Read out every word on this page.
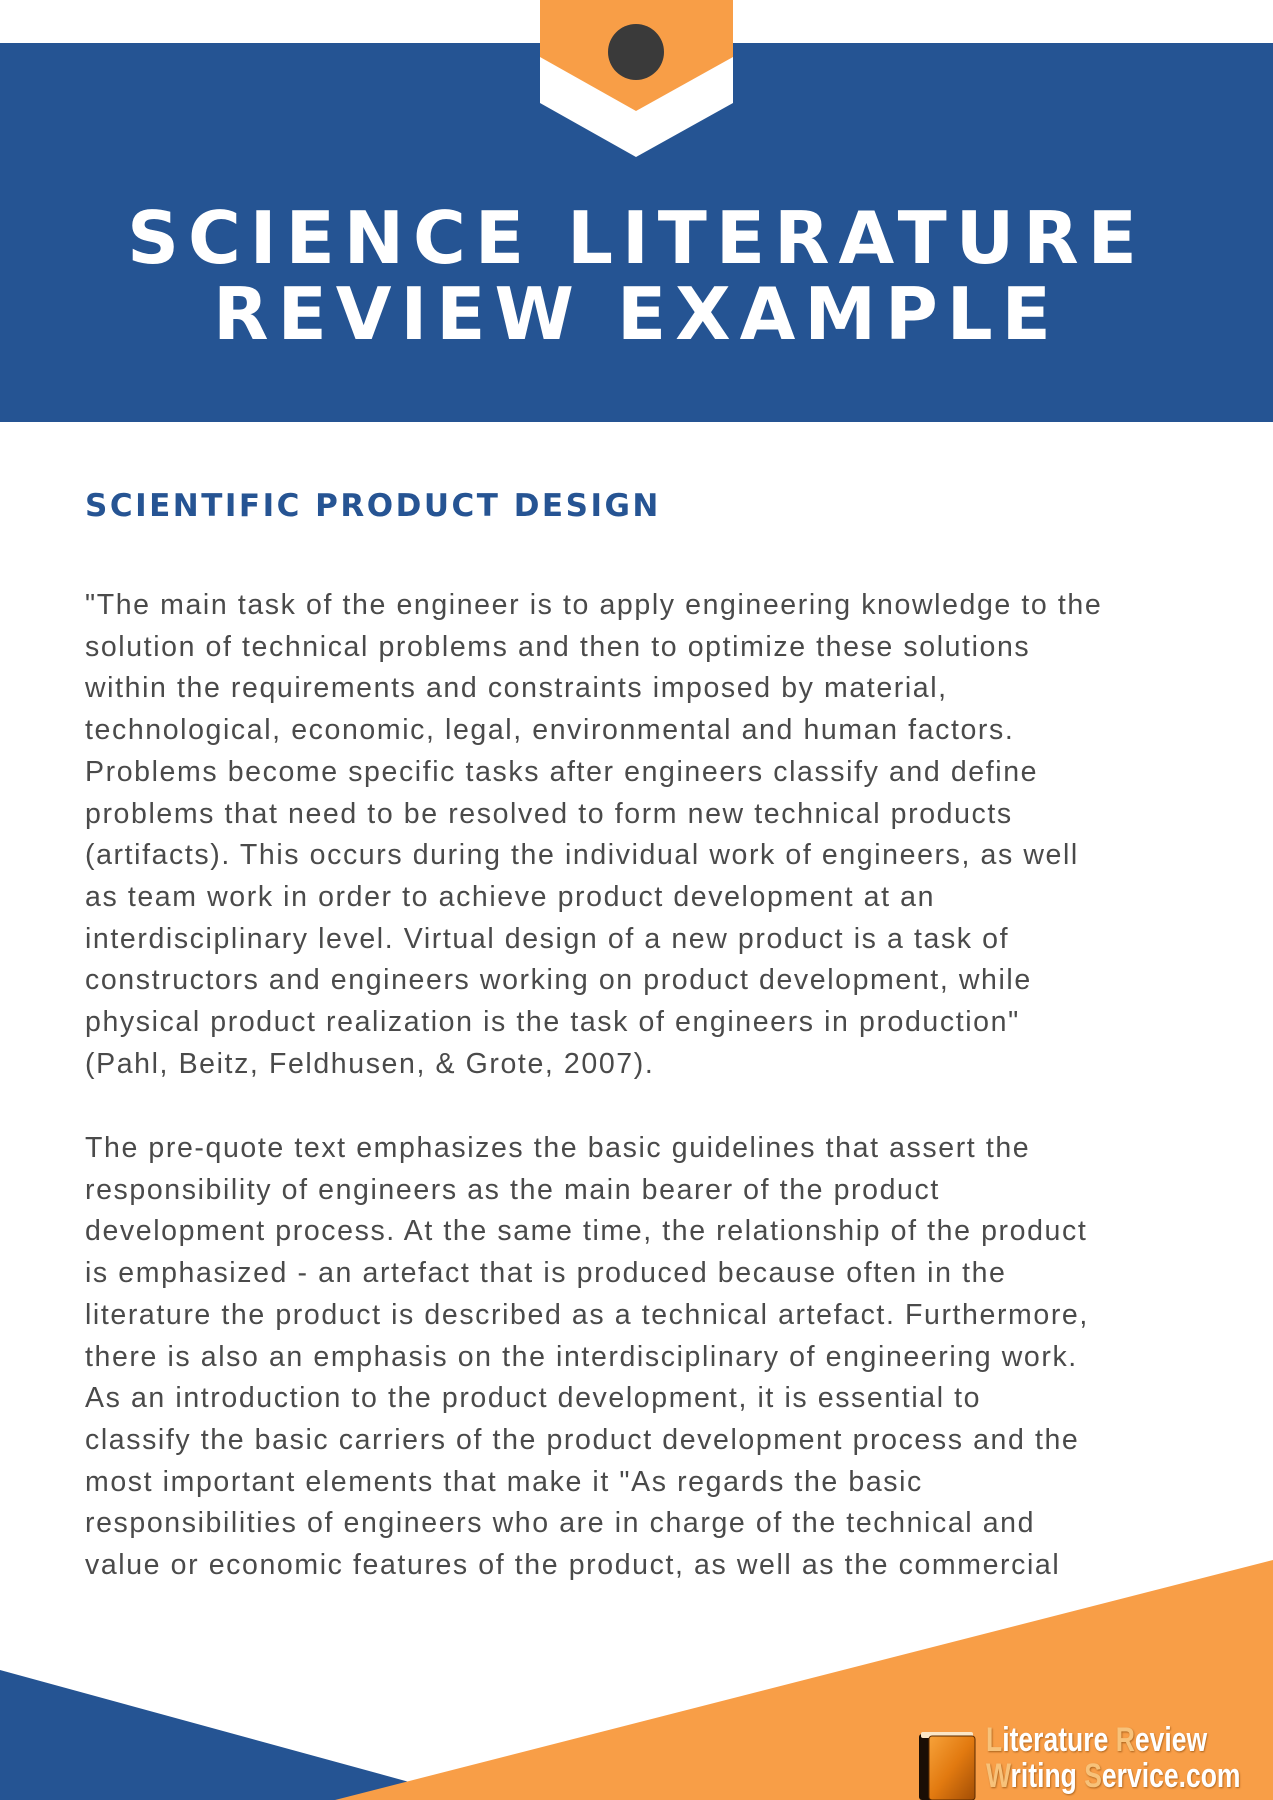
SCIENCE LITERATURE
REVIEW EXAMPLE
SCIENTIFIC PRODUCT DESIGN

"The main task of the engineer is to apply engineering knowledge to the
solution of technical problems and then to optimize these solutions
within the requirements and constraints imposed by material,
technological, economic, legal, environmental and human factors.
Problems become specific tasks after engineers classify and define
problems that need to be resolved to form new technical products
(artifacts). This occurs during the individual work of engineers, as well
as team work in order to achieve product development at an
interdisciplinary level. Virtual design of a new product is a task of
constructors and engineers working on product development, while
physical product realization is the task of engineers in production"
(Pahl, Beitz, Feldhusen, & Grote, 2007).

The pre-quote text emphasizes the basic guidelines that assert the
responsibility of engineers as the main bearer of the product
development process. At the same time, the relationship of the product
is emphasized - an artefact that is produced because often in the
literature the product is described as a technical artefact. Furthermore,
there is also an emphasis on the interdisciplinary of engineering work.
As an introduction to the product development, it is essential to
classify the basic carriers of the product development process and the
most important elements that make it "As regards the basic
responsibilities of engineers who are in charge of the technical and
value or economic features of the product, as well as the commercial

Literature Review
Writing Service.com
